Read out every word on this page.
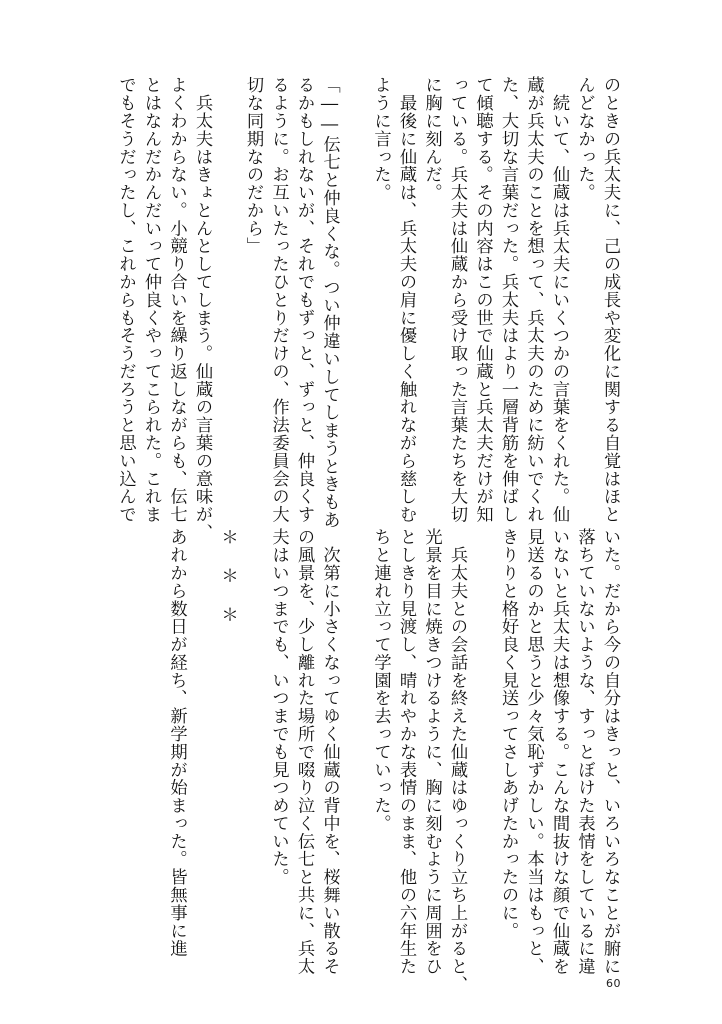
のときの兵太夫に、己の成長や変化に関する自覚はほと
んどなかった。
　続いて、仙蔵は兵太夫にいくつかの言葉をくれた。仙
蔵が兵太夫のことを想って、兵太夫のために紡いでくれ
た、大切な言葉だった。兵太夫はより一層背筋を伸ばし
て傾聴する。その内容はこの世で仙蔵と兵太夫だけが知
っている。兵太夫は仙蔵から受け取った言葉たちを大切
に胸に刻んだ。
　最後に仙蔵は、兵太夫の肩に優しく触れながら慈しむ
ように言った。
「――伝七と仲良くな。つい仲違いしてしまうときもあ
るかもしれないが、それでもずっと、ずっと、仲良くす
るように。お互いたったひとりだけの、作法委員会の大
切な同期なのだから」
　兵太夫はきょとんとしてしまう。仙蔵の言葉の意味が、
よくわからない。小競り合いを繰り返しながらも、伝七
とはなんだかんだいって仲良くやってこられた。これま
でもそうだったし、これからもそうだろうと思い込んで
いた。だから今の自分はきっと、いろいろなことが腑に
落ちていないような、すっとぼけた表情をしているに違
いないと兵太夫は想像する。こんな間抜けな顔で仙蔵を
見送るのかと思うと少々気恥ずかしい。本当はもっと、
きりりと格好良く見送ってさしあげたかったのに。
　兵太夫との会話を終えた仙蔵はゆっくり立ち上がると、
光景を目に焼きつけるように、胸に刻むように周囲をひ
としきり見渡し、晴れやかな表情のまま、他の六年生た
ちと連れ立って学園を去っていった。
　次第に小さくなってゆく仙蔵の背中を、桜舞い散るそ
の風景を、少し離れた場所で啜り泣く伝七と共に、兵太
夫はいつまでも、いつまでも見つめていた。
＊　＊　＊
あれから数日が経ち、新学期が始まった。皆無事に進
60
